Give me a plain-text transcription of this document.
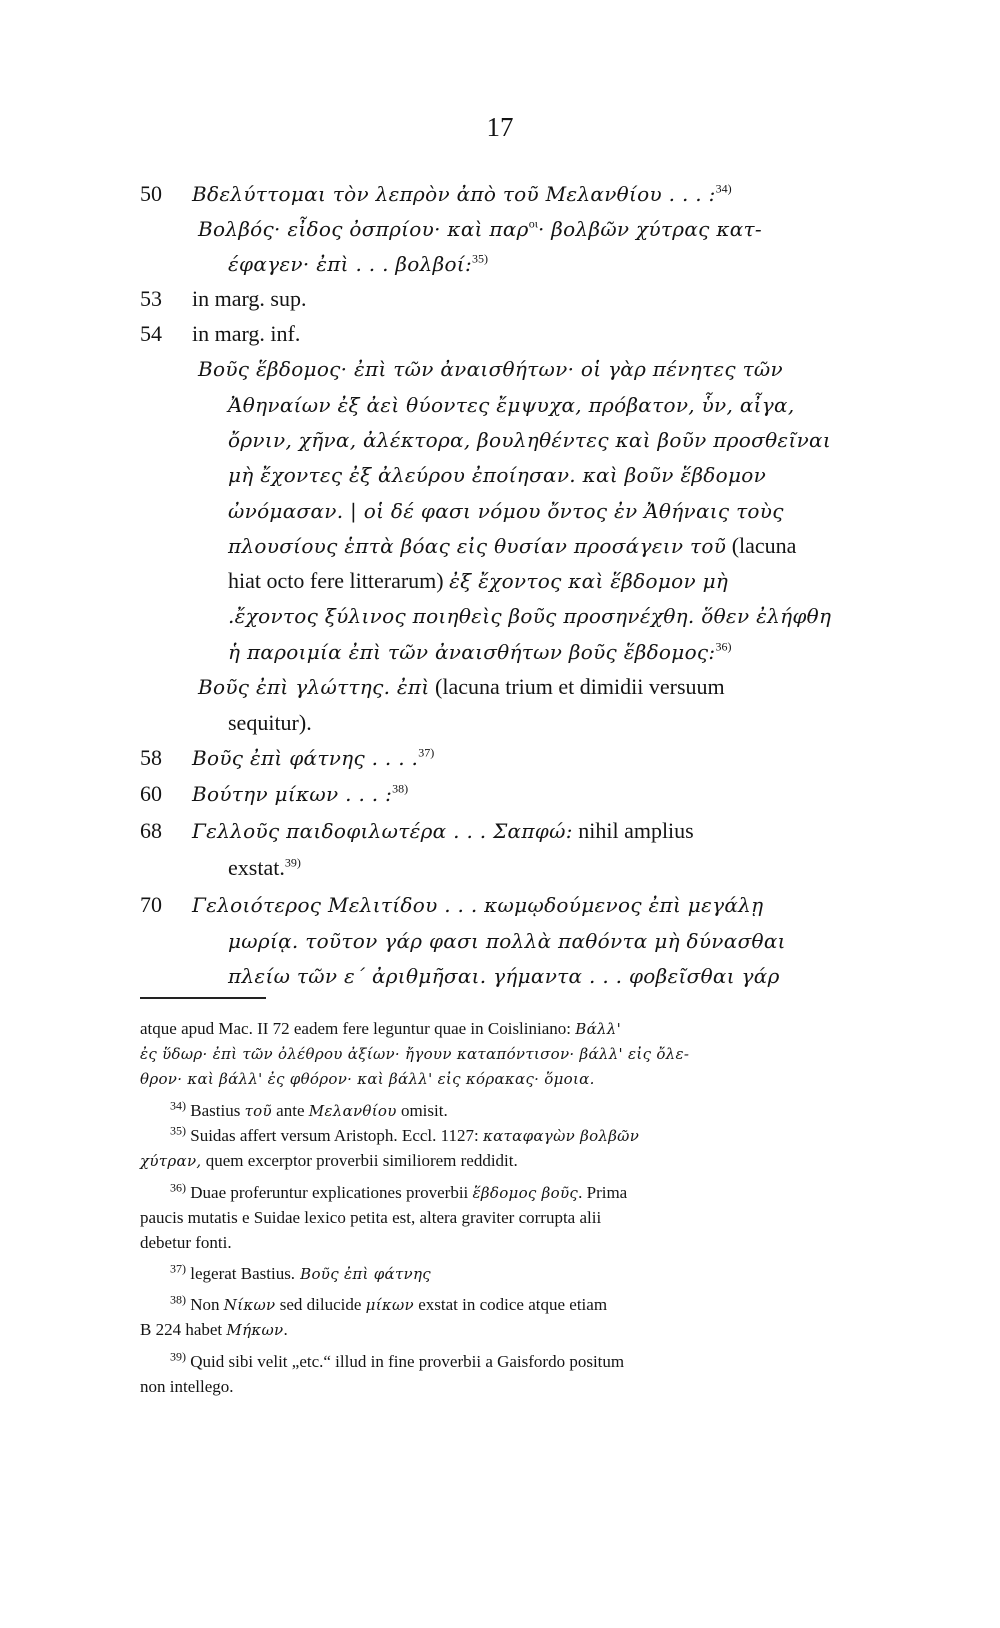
17
50 Βδελύττομαι τὸν λεπρὸν ἀπὸ τοῦ Μελανθίου . . . :$^{34)}$
Βολβός· εἶδος ὀσπρίου· καὶ παρ$^{o\iota}$· βολβῶν χύτρας κατ-
έφαγεν· ἐπὶ . . . βολβοί:$^{35)}$
53 in marg. sup.
54 in marg. inf.
Βοῦς ἕβδομος· ἐπὶ τῶν ἀναισθήτων· οἱ γὰρ πένητες τῶν
Ἀθηναίων ἐξ ἀεὶ θύοντες ἔμψυχα, πρόβατον, ὗν, αἶγα,
ὄρνιν, χῆνα, ἀλέκτορα, βουληθέντες καὶ βοῦν προσθεῖναι
μὴ ἔχοντες ἐξ ἀλεύρου ἐποίησαν. καὶ βοῦν ἕβδομον
ὠνόμασαν. | οἱ δέ φασι νόμου ὄντος ἐν Ἀθήναις τοὺς
πλουσίους ἑπτὰ βόας εἰς θυσίαν προσάγειν τοῦ (lacuna
hiat octo fere litterarum) ἐξ ἔχοντος καὶ ἕβδομον μὴ
.ἔχοντος ξύλινος ποιηθεὶς βοῦς προσηνέχθη. ὅθεν ἐλήφθη
ἡ παροιμία ἐπὶ τῶν ἀναισθήτων βοῦς ἕβδομος:$^{36)}$
Βοῦς ἐπὶ γλώττης. ἐπὶ (lacuna trium et dimidii versuum
sequitur).
58 Βοῦς ἐπὶ φάτνης . . . .$^{37)}$
60 Βούτην μίκων . . . :$^{38)}$
68 Γελλοῦς παιδοφιλωτέρα . . . Σαπφώ: nihil amplius
exstat.$^{39)}$
70 Γελοιότερος Μελιτίδου . . . κωμῳδούμενος ἐπὶ μεγάλῃ
μωρίᾳ. τοῦτον γάρ φασι πολλὰ παθόντα μὴ δύνασθαι
πλείω τῶν ε΄ ἀριθμῆσαι. γήμαντα . . . φοβεῖσθαι γάρ
atque apud Mac. II 72 eadem fere leguntur quae in Coisliniano: Βάλλ'
ἐς ὕδωρ· ἐπὶ τῶν ὀλέθρου ἀξίων· ἤγουν καταπόντισον· βάλλ' εἰς ὄλε-
θρον· καὶ βάλλ' ἐς φθόρον· καὶ βάλλ' εἰς κόρακας· ὅμοια.
$^{34)}$ Bastius τοῦ ante Μελανθίου omisit.
$^{35)}$ Suidas affert versum Aristoph. Eccl. 1127: καταφαγὼν βολβῶν
χύτραν, quem excerptor proverbii similiorem reddidit.
$^{36)}$ Duae proferuntur explicationes proverbii ἕβδομος βοῦς. Prima
paucis mutatis e Suidae lexico petita est, altera graviter corrupta alii
debetur fonti.
$^{37)}$ legerat Bastius. Βοῦς ἐπὶ φάτνης
$^{38)}$ Non Νίκων sed dilucide μίκων exstat in codice atque etiam
B 224 habet Μήκων.
$^{39)}$ Quid sibi velit „etc.“ illud in fine proverbii a Gaisfordo positum
non intellego.
